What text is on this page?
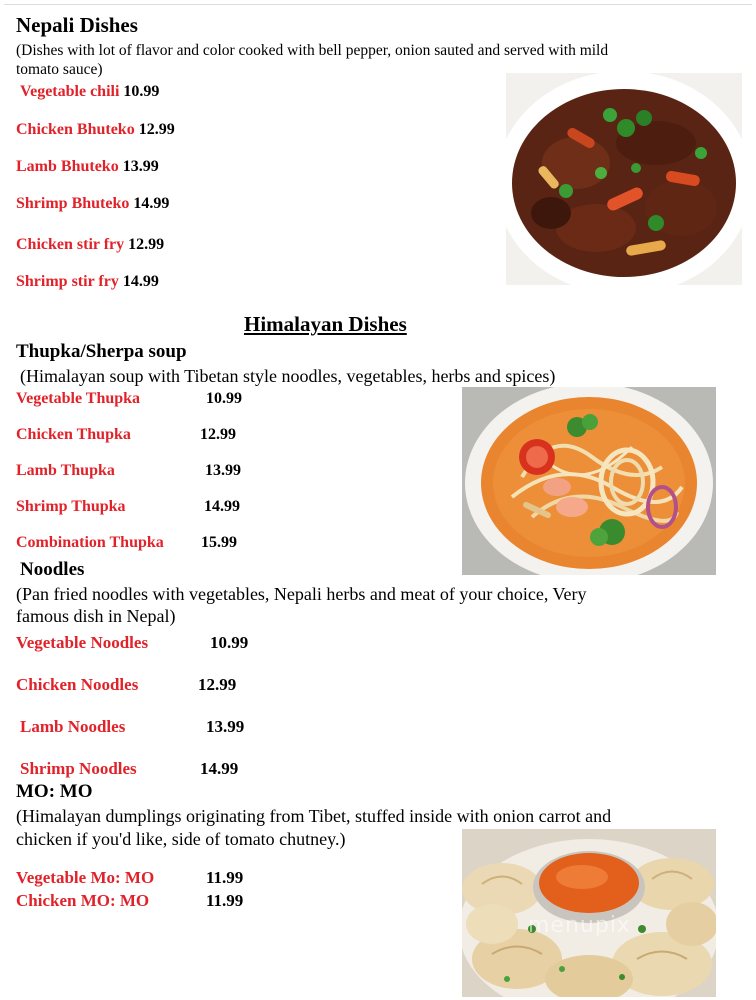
Nepali Dishes
(Dishes with lot of flavor and color cooked with bell pepper, onion sauted and served with mild
tomato sauce)
Vegetable chili 10.99
Chicken Bhuteko 12.99
Lamb Bhuteko 13.99
Shrimp Bhuteko 14.99
Chicken stir fry 12.99
Shrimp stir fry 14.99
Himalayan Dishes
Thupka/Sherpa soup
(Himalayan soup with Tibetan style noodles, vegetables, herbs and spices)
Vegetable Thupka	10.99
Chicken Thupka	12.99
Lamb Thupka	13.99
Shrimp Thupka	14.99
Combination Thupka 15.99
Noodles
(Pan fried noodles with vegetables, Nepali herbs and meat of your choice, Very
famous dish in Nepal)
Vegetable Noodles	10.99
Chicken Noodles	12.99
Lamb Noodles	13.99
Shrimp Noodles	14.99
MO: MO
(Himalayan dumplings originating from Tibet, stuffed inside with onion carrot and
chicken if you'd like, side of tomato chutney.)
Vegetable Mo: MO	11.99
Chicken MO: MO	11.99
menupix
